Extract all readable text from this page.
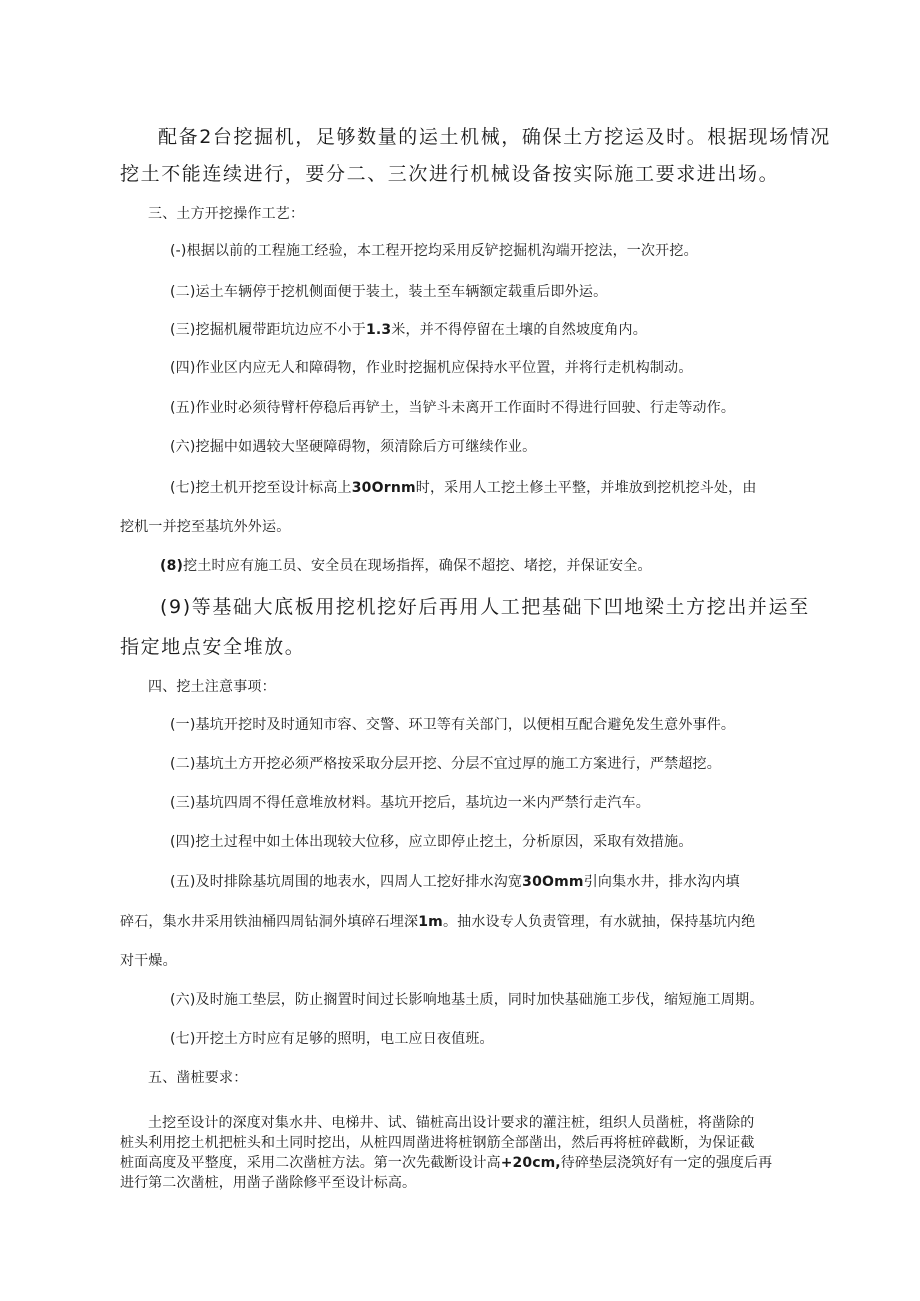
配备2台挖掘机，足够数量的运土机械，确保土方挖运及时。根据现场情况

挖土不能连续进行，要分二、三次进行机械设备按实际施工要求进出场。

三、土方开挖操作工艺：

(-)根据以前的工程施工经验，本工程开挖均采用反铲挖掘机沟端开挖法，一次开挖。

(二)运土车辆停于挖机侧面便于装土，装土至车辆额定载重后即外运。

(三)挖掘机履带距坑边应不小于1.3米，并不得停留在土壤的自然坡度角内。

(四)作业区内应无人和障碍物，作业时挖掘机应保持水平位置，并将行走机构制动。

(五)作业时必须待臂杆停稳后再铲土，当铲斗未离开工作面时不得进行回驶、行走等动作。

(六)挖掘中如遇较大坚硬障碍物，须清除后方可继续作业。

(七)挖土机开挖至设计标高上30Ornm时，采用人工挖土修土平整，并堆放到挖机挖斗处，由

挖机一并挖至基坑外外运。

(8)挖土时应有施工员、安全员在现场指挥，确保不超挖、堵挖，并保证安全。

(9)等基础大底板用挖机挖好后再用人工把基础下凹地梁土方挖出并运至

指定地点安全堆放。

四、挖土注意事项：

(一)基坑开挖时及时通知市容、交警、环卫等有关部门，以便相互配合避免发生意外事件。

(二)基坑土方开挖必须严格按采取分层开挖、分层不宜过厚的施工方案进行，严禁超挖。

(三)基坑四周不得任意堆放材料。基坑开挖后，基坑边一米内严禁行走汽车。

(四)挖土过程中如土体出现较大位移，应立即停止挖土，分析原因，采取有效措施。

(五)及时排除基坑周围的地表水，四周人工挖好排水沟宽30Omm引向集水井，排水沟内填

碎石，集水井采用铁油桶四周钻洞外填碎石埋深1m。抽水设专人负责管理，有水就抽，保持基坑内绝

对干燥。

(六)及时施工垫层，防止搁置时间过长影响地基土质，同时加快基础施工步伐，缩短施工周期。

(七)开挖土方时应有足够的照明，电工应日夜值班。

五、凿桩要求：

土挖至设计的深度对集水井、电梯井、试、锚桩高出设计要求的灌注桩，组织人员凿桩，将凿除的

桩头利用挖土机把桩头和土同时挖出，从桩四周凿进将桩钢筋全部凿出，然后再将桩碎截断，为保证截

桩面高度及平整度，采用二次凿桩方法。第一次先截断设计高+20cm,待碎垫层浇筑好有一定的强度后再

进行第二次凿桩，用凿子凿除修平至设计标高。
